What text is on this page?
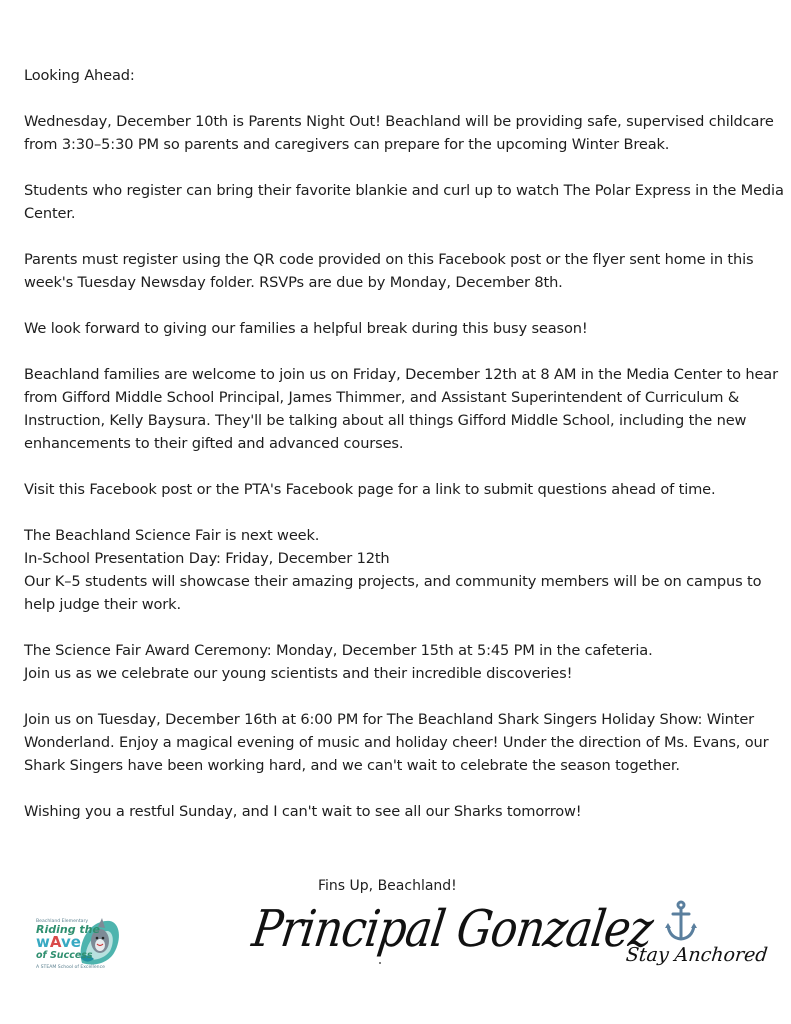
Looking Ahead:

Wednesday, December 10th is Parents Night Out! Beachland will be providing safe, supervised childcare from 3:30–5:30 PM so parents and caregivers can prepare for the upcoming Winter Break.

Students who register can bring their favorite blankie and curl up to watch The Polar Express in the Media Center.

Parents must register using the QR code provided on this Facebook post or the flyer sent home in this week's Tuesday Newsday folder. RSVPs are due by Monday, December 8th.

We look forward to giving our families a helpful break during this busy season!

Beachland families are welcome to join us on Friday, December 12th at 8 AM in the Media Center to hear from Gifford Middle School Principal, James Thimmer, and Assistant Superintendent of Curriculum & Instruction, Kelly Baysura. They'll be talking about all things Gifford Middle School, including the new enhancements to their gifted and advanced courses.

Visit this Facebook post or the PTA's Facebook page for a link to submit questions ahead of time.

The Beachland Science Fair is next week.

In-School Presentation Day: Friday, December 12th

Our K–5 students will showcase their amazing projects, and community members will be on campus to help judge their work.

The Science Fair Award Ceremony: Monday, December 15th at 5:45 PM in the cafeteria.

Join us as we celebrate our young scientists and their incredible discoveries!

Join us on Tuesday, December 16th at 6:00 PM for The Beachland Shark Singers Holiday Show: Winter Wonderland. Enjoy a magical evening of music and holiday cheer! Under the direction of Ms. Evans, our Shark Singers have been working hard, and we can't wait to celebrate the season together.

Wishing you a restful Sunday, and I can't wait to see all our Sharks tomorrow!

Fins Up, Beachland!
Principal Gonzalez
Beachland Elementary
Riding the
wAve
of Success
A STEAM School of Excellence
Stay Anchored
